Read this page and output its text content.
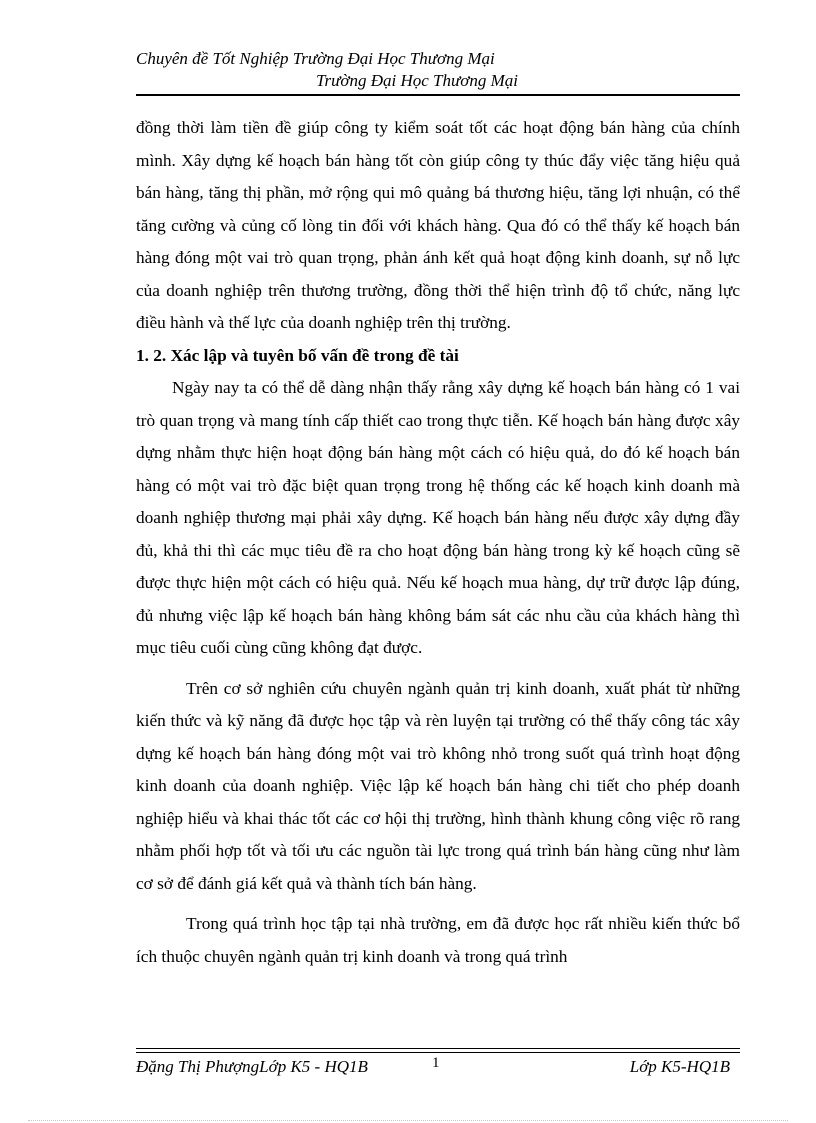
Chuyên đề Tốt Nghiệp Trường Đại Học Thương Mại
Trường Đại Học Thương Mại

đồng thời làm tiền đề giúp công ty kiểm soát tốt các hoạt động bán hàng của chính mình. Xây dựng kế hoạch bán hàng tốt còn giúp công ty thúc đẩy việc tăng hiệu quả bán hàng, tăng thị phần, mở rộng qui mô quảng bá thương hiệu, tăng lợi nhuận, có thể tăng cường và củng cố lòng tin đối với khách hàng. Qua đó có thể thấy kế hoạch bán hàng đóng một vai trò quan trọng, phản ánh kết quả hoạt động kinh doanh, sự nỗ lực của doanh nghiệp trên thương trường, đồng thời thể hiện trình độ tổ chức, năng lực điều hành và thế lực của doanh nghiệp trên thị trường.

1. 2. Xác lập và tuyên bố vấn đề trong đề tài

Ngày nay ta có thể dễ dàng nhận thấy rằng xây dựng kế hoạch bán hàng có 1 vai trò quan trọng và mang tính cấp thiết cao trong thực tiễn. Kế hoạch bán hàng được xây dựng nhằm thực hiện hoạt động bán hàng một cách có hiệu quả, do đó kế hoạch bán hàng có một vai trò đặc biệt quan trọng trong hệ thống các kế hoạch kinh doanh mà doanh nghiệp thương mại phải xây dựng. Kế hoạch bán hàng nếu được xây dựng đầy đủ, khả thi thì các mục tiêu đề ra cho hoạt động bán hàng trong kỳ kế hoạch cũng sẽ được thực hiện một cách có hiệu quả. Nếu kế hoạch mua hàng, dự trữ được lập đúng, đủ nhưng việc lập kế hoạch bán hàng không bám sát các nhu cầu của khách hàng thì mục tiêu cuối cùng cũng không đạt được.

Trên cơ sở nghiên cứu chuyên ngành quản trị kinh doanh, xuất phát từ những kiến thức và kỹ năng đã được học tập và rèn luyện tại trường có thể thấy công tác xây dựng kế hoạch bán hàng đóng một vai trò không nhỏ trong suốt quá trình hoạt động kinh doanh của doanh nghiệp. Việc lập kế hoạch bán hàng chi tiết cho phép doanh nghiệp hiểu và khai thác tốt các cơ hội thị trường, hình thành khung công việc rõ rang nhằm phối hợp tốt và tối ưu các nguồn tài lực trong quá trình bán hàng cũng như làm cơ sở để đánh giá kết quả và thành tích bán hàng.

Trong quá trình học tập tại nhà trường, em đã được học rất nhiều kiến thức bổ ích thuộc chuyên ngành quản trị kinh doanh và trong quá trình

Đặng Thị PhượngLớp K5 - HQ1B	1	Lớp K5-HQ1B
